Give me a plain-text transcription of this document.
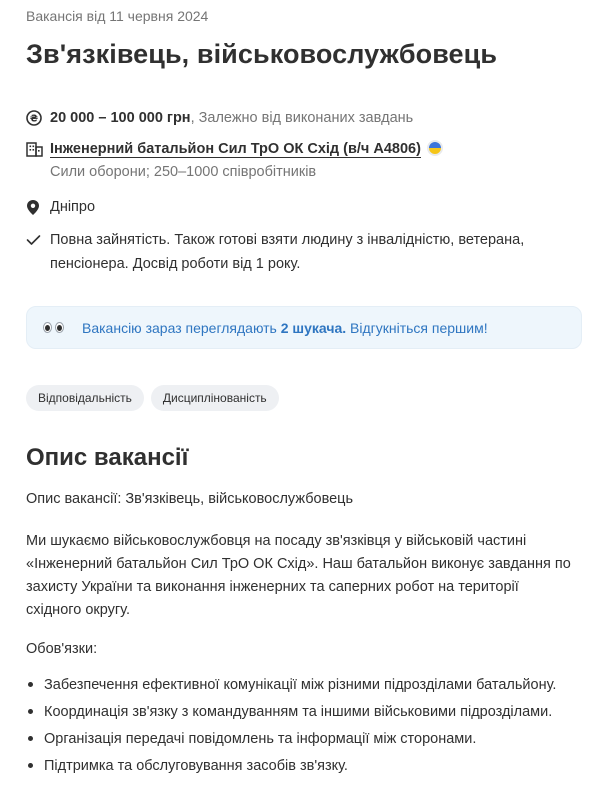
Вакансія від 11 червня 2024
Зв'язківець, військовослужбовець
₴ 20 000 – 100 000 грн, Залежно від виконаних завдань
Інженерний батальйон Сил ТрО ОК Схід (в/ч А4806)
Сили оборони; 250–1000 співробітників
Дніпро
Повна зайнятість. Також готові взяти людину з інвалідністю, ветерана,
пенсіонера. Досвід роботи від 1 року.
Вакансію зараз переглядають 2 шукача. Відгукніться першим!
Відповідальність	Дисциплінованість
Опис вакансії
Опис вакансії: Зв'язківець, військовослужбовець
Ми шукаємо військовослужбовця на посаду зв'язківця у військовій частині
«Інженерний батальйон Сил ТрО ОК Схід». Наш батальйон виконує завдання по
захисту України та виконання інженерних та саперних робот на території
східного округу.
Обов'язки:
Забезпечення ефективної комунікації між різними підрозділами батальйону.
Координація зв'язку з командуванням та іншими військовими підрозділами.
Організація передачі повідомлень та інформації між сторонами.
Підтримка та обслуговування засобів зв'язку.
